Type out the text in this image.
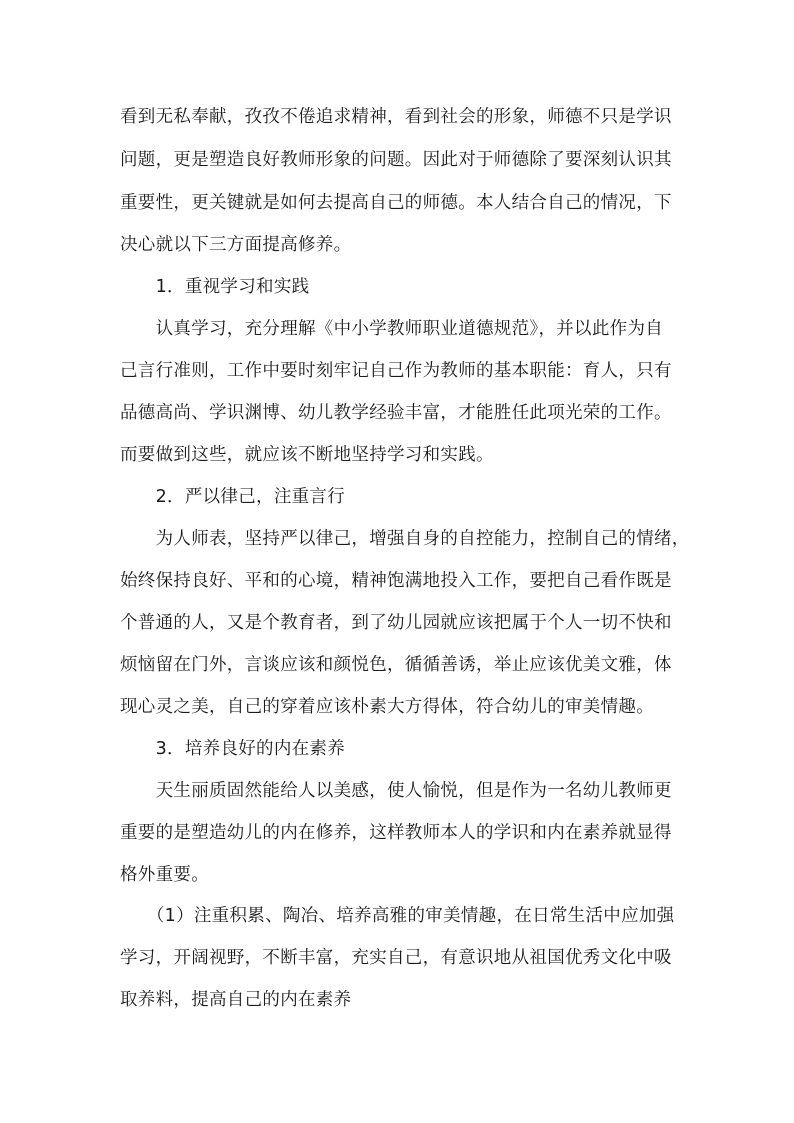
看到无私奉献，孜孜不倦追求精神，看到社会的形象，师德不只是学识
问题，更是塑造良好教师形象的问题。因此对于师德除了要深刻认识其
重要性，更关键就是如何去提高自己的师德。本人结合自己的情况，下
决心就以下三方面提高修养。
　　1．重视学习和实践
　　认真学习，充分理解《中小学教师职业道德规范》，并以此作为自
己言行准则，工作中要时刻牢记自己作为教师的基本职能：育人，只有
品德高尚、学识渊博、幼儿教学经验丰富，才能胜任此项光荣的工作。
而要做到这些，就应该不断地坚持学习和实践。
　　2．严以律己，注重言行
　　为人师表，坚持严以律己，增强自身的自控能力，控制自己的情绪，
始终保持良好、平和的心境，精神饱满地投入工作，要把自己看作既是
个普通的人，又是个教育者，到了幼儿园就应该把属于个人一切不快和
烦恼留在门外，言谈应该和颜悦色，循循善诱，举止应该优美文雅，体
现心灵之美，自己的穿着应该朴素大方得体，符合幼儿的审美情趣。
　　3．培养良好的内在素养
　　天生丽质固然能给人以美感，使人愉悦，但是作为一名幼儿教师更
重要的是塑造幼儿的内在修养，这样教师本人的学识和内在素养就显得
格外重要。
　　（1）注重积累、陶冶、培养高雅的审美情趣，在日常生活中应加强
学习，开阔视野，不断丰富，充实自己，有意识地从祖国优秀文化中吸
取养料，提高自己的内在素养
